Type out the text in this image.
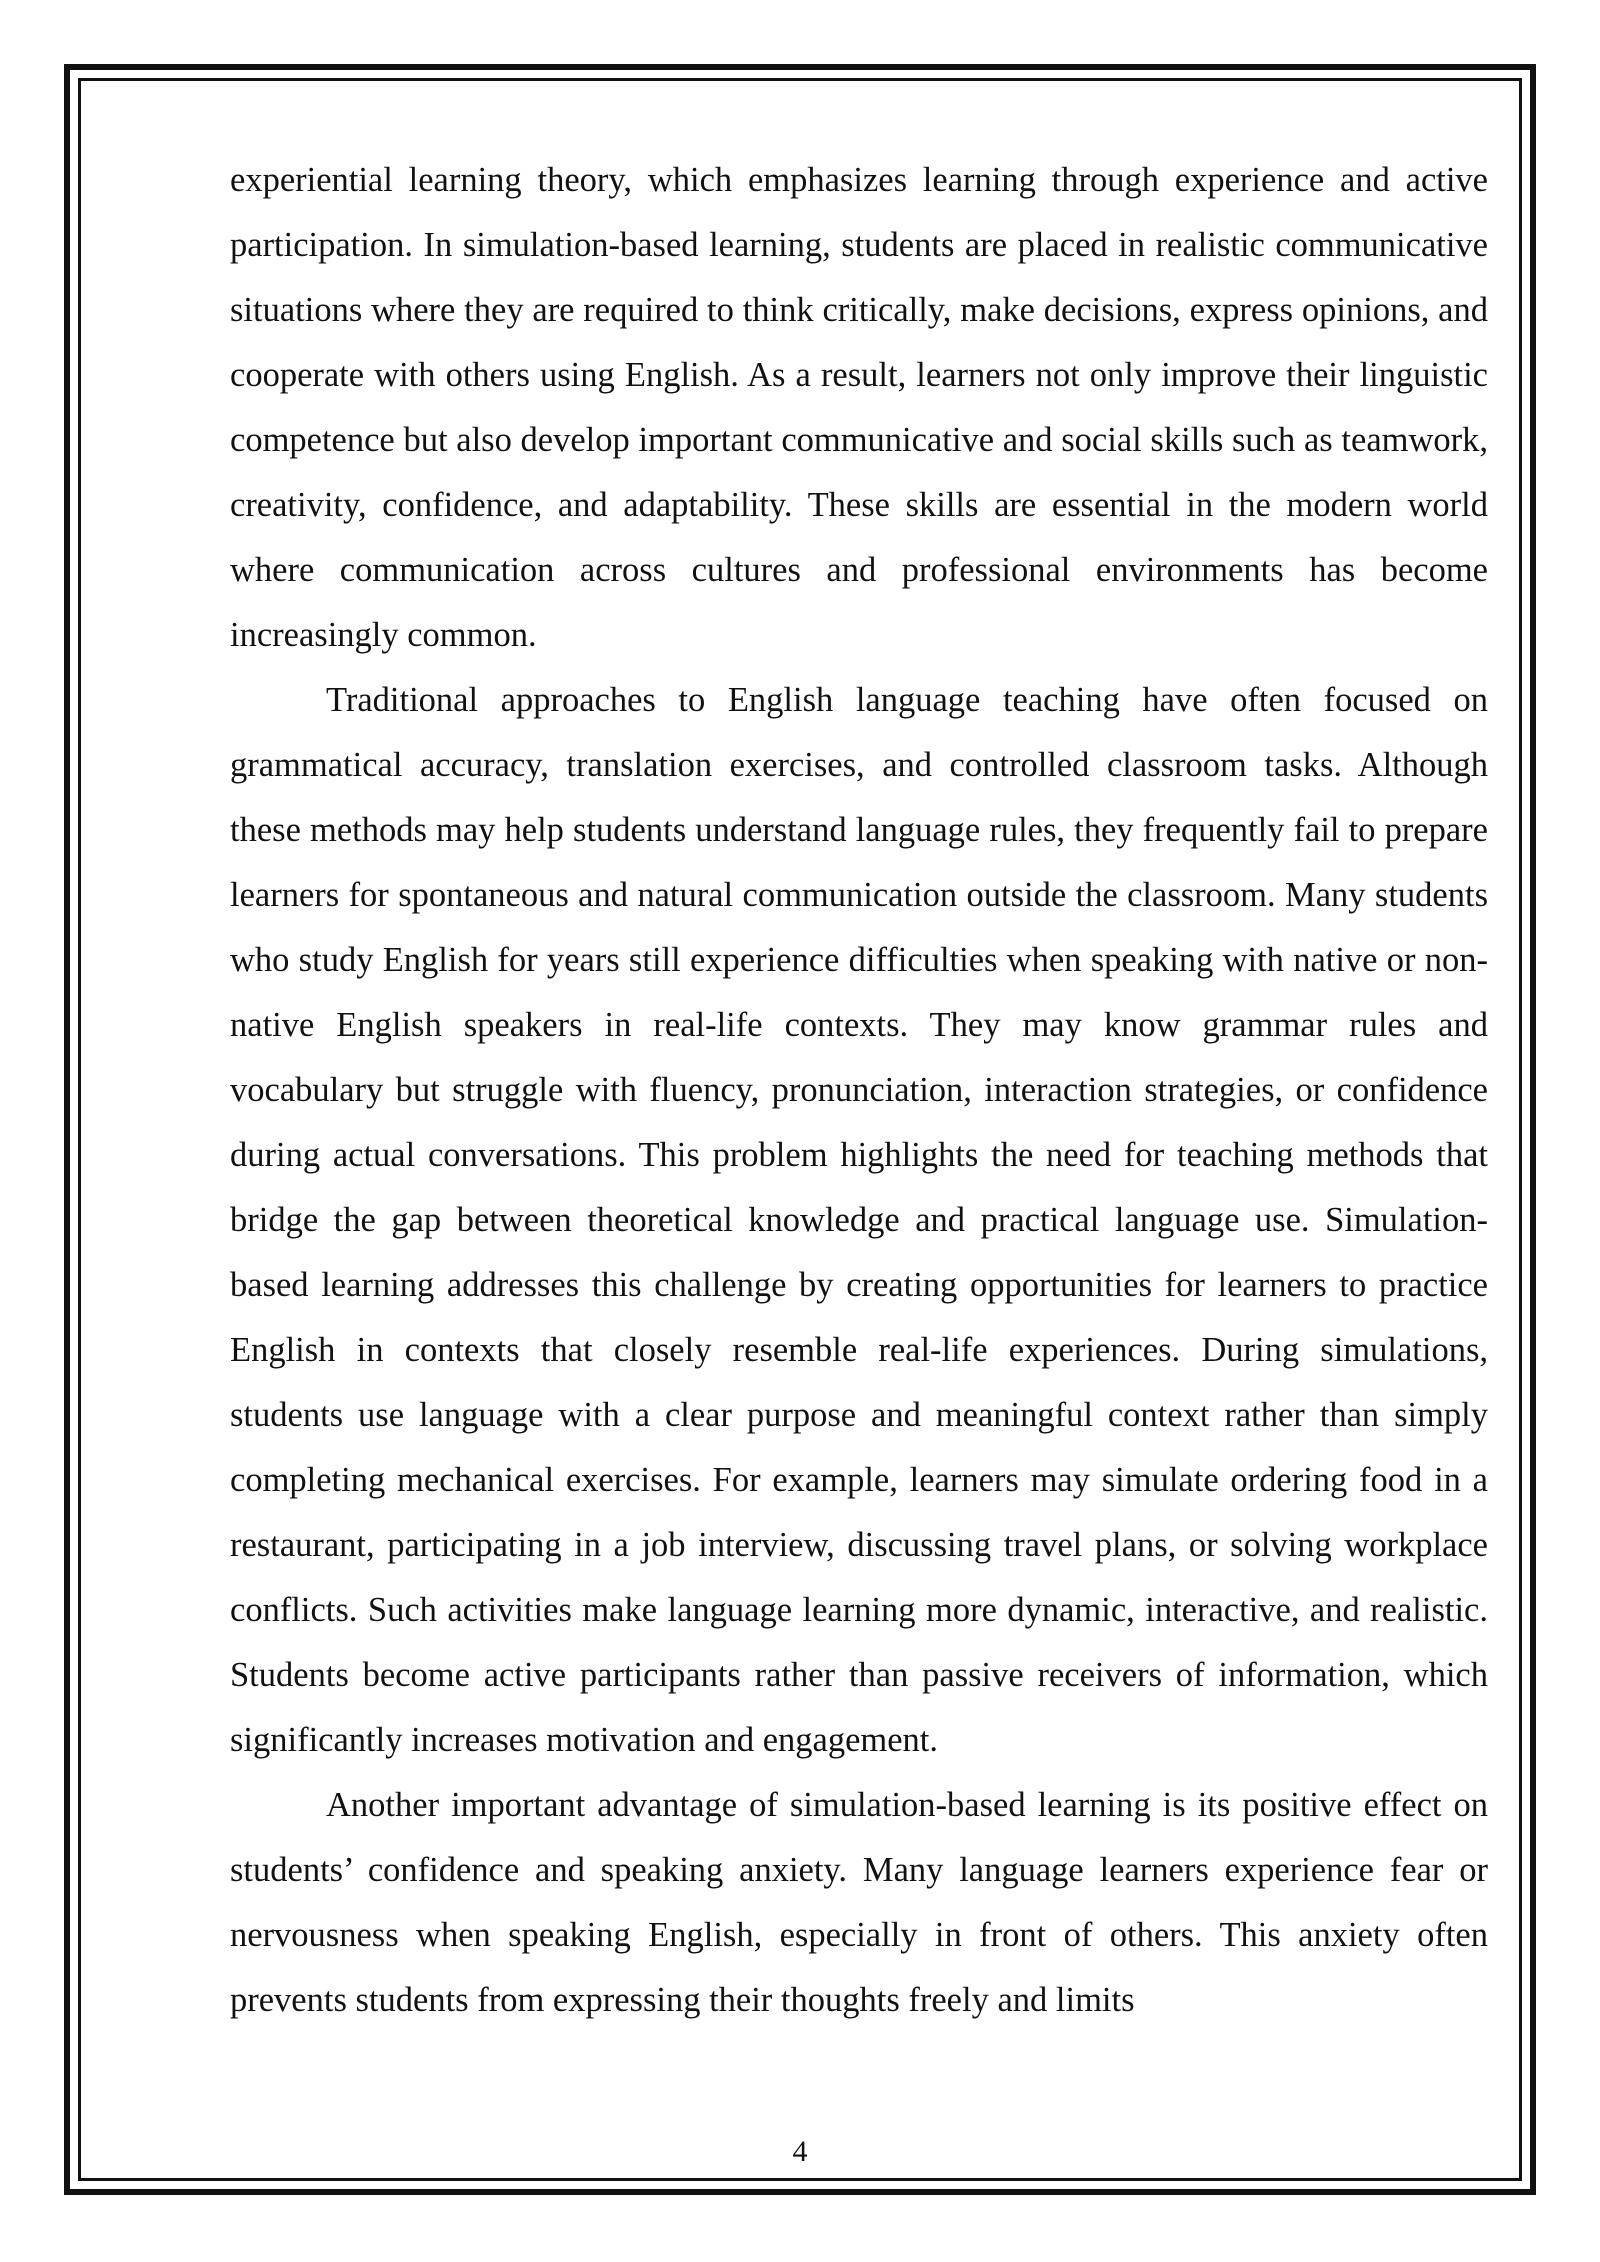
experiential learning theory, which emphasizes learning through experience and active participation. In simulation-based learning, students are placed in realistic communicative situations where they are required to think critically, make decisions, express opinions, and cooperate with others using English. As a result, learners not only improve their linguistic competence but also develop important communicative and social skills such as teamwork, creativity, confidence, and adaptability. These skills are essential in the modern world where communication across cultures and professional environments has become increasingly common.

Traditional approaches to English language teaching have often focused on grammatical accuracy, translation exercises, and controlled classroom tasks. Although these methods may help students understand language rules, they frequently fail to prepare learners for spontaneous and natural communication outside the classroom. Many students who study English for years still experience difficulties when speaking with native or non-native English speakers in real-life contexts. They may know grammar rules and vocabulary but struggle with fluency, pronunciation, interaction strategies, or confidence during actual conversations. This problem highlights the need for teaching methods that bridge the gap between theoretical knowledge and practical language use. Simulation-based learning addresses this challenge by creating opportunities for learners to practice English in contexts that closely resemble real-life experiences. During simulations, students use language with a clear purpose and meaningful context rather than simply completing mechanical exercises. For example, learners may simulate ordering food in a restaurant, participating in a job interview, discussing travel plans, or solving workplace conflicts. Such activities make language learning more dynamic, interactive, and realistic. Students become active participants rather than passive receivers of information, which significantly increases motivation and engagement.

Another important advantage of simulation-based learning is its positive effect on students’ confidence and speaking anxiety. Many language learners experience fear or nervousness when speaking English, especially in front of others. This anxiety often prevents students from expressing their thoughts freely and limits

4
